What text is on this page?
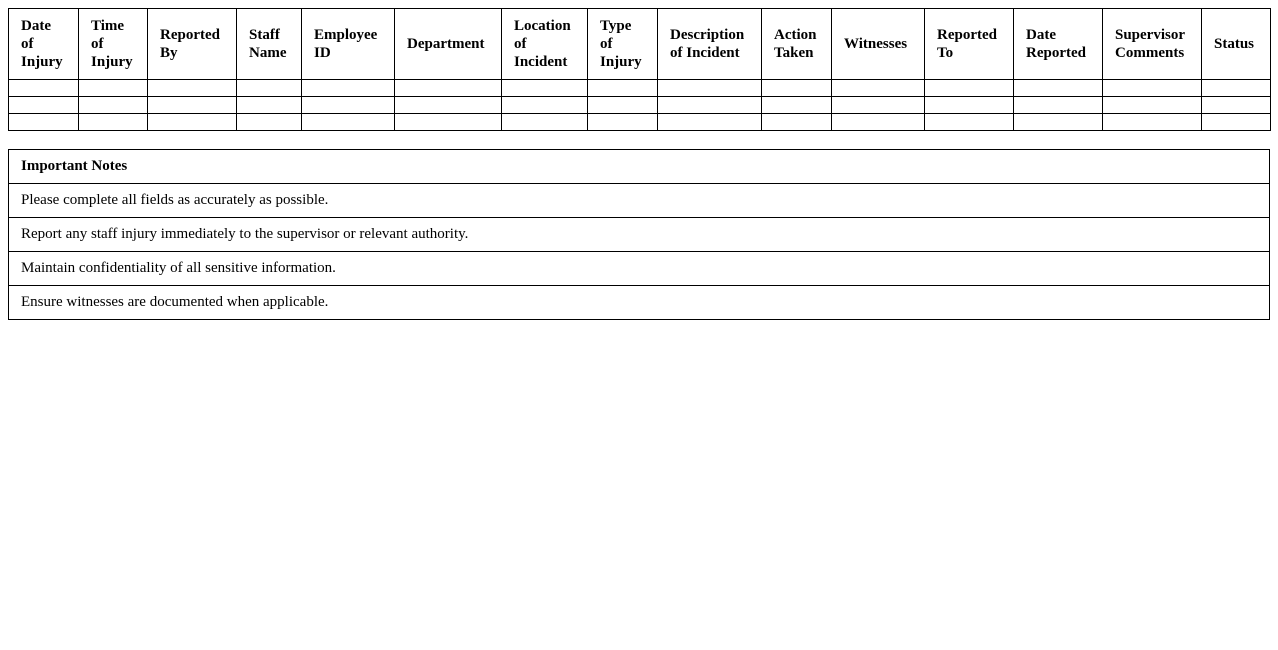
Date of Injury	Time of Injury	Reported By	Staff Name	Employee ID	Department	Location of Incident	Type of Injury	Description of Incident	Action Taken	Witnesses	Reported To	Date Reported	Supervisor Comments	Status

Important Notes
Please complete all fields as accurately as possible.
Report any staff injury immediately to the supervisor or relevant authority.
Maintain confidentiality of all sensitive information.
Ensure witnesses are documented when applicable.
